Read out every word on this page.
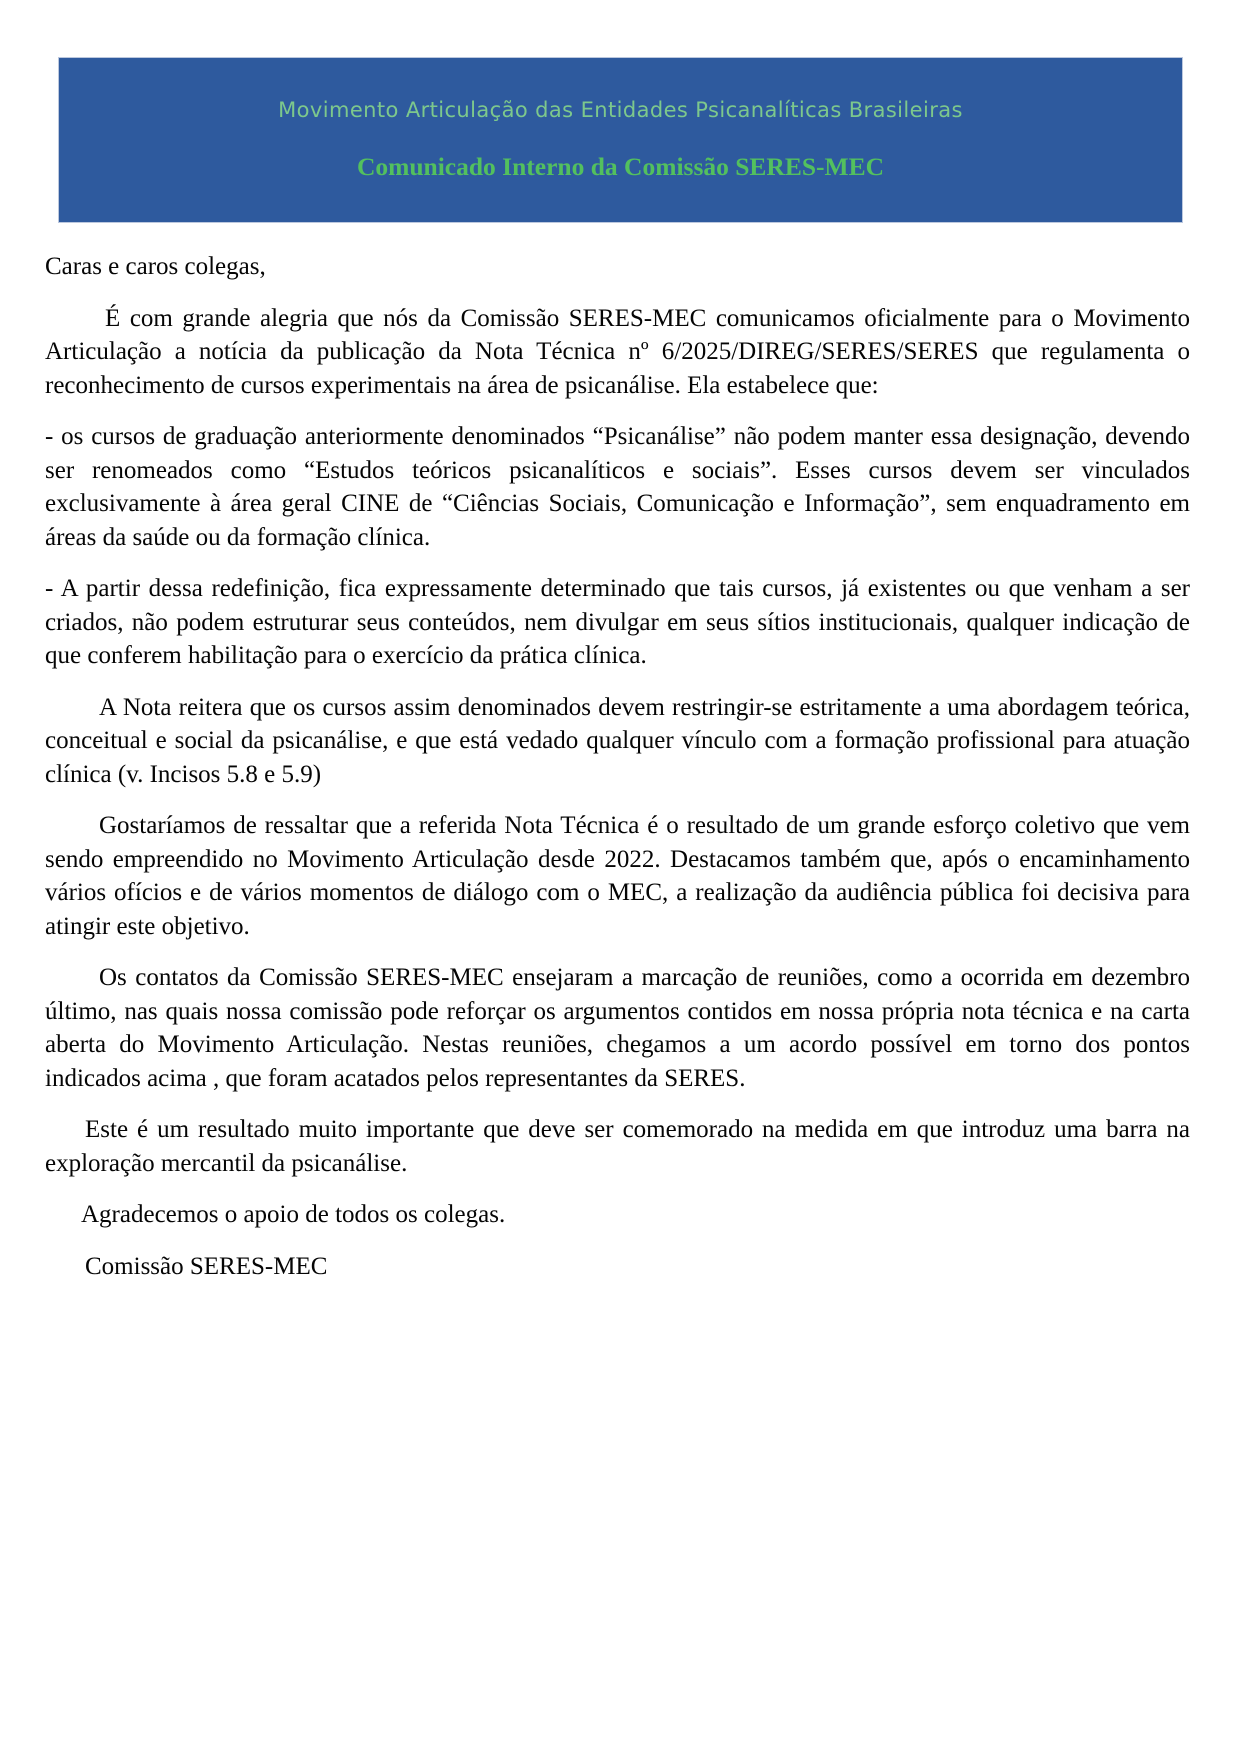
Movimento Articulação das Entidades Psicanalíticas Brasileiras
Comunicado Interno da Comissão SERES-MEC

Caras e caros colegas,

É com grande alegria que nós da Comissão SERES-MEC comunicamos oficialmente para o Movimento Articulação a notícia da publicação da Nota Técnica nº 6/2025/DIREG/SERES/SERES que regulamenta o reconhecimento de cursos experimentais na área de psicanálise. Ela estabelece que:

- os cursos de graduação anteriormente denominados “Psicanálise” não podem manter essa designação, devendo ser renomeados como “Estudos teóricos psicanalíticos e sociais”. Esses cursos devem ser vinculados exclusivamente à área geral CINE de “Ciências Sociais, Comunicação e Informação”, sem enquadramento em áreas da saúde ou da formação clínica.

- A partir dessa redefinição, fica expressamente determinado que tais cursos, já existentes ou que venham a ser criados, não podem estruturar seus conteúdos, nem divulgar em seus sítios institucionais, qualquer indicação de que conferem habilitação para o exercício da prática clínica.

A Nota reitera que os cursos assim denominados devem restringir-se estritamente a uma abordagem teórica, conceitual e social da psicanálise, e que está vedado qualquer vínculo com a formação profissional para atuação clínica (v. Incisos 5.8 e 5.9)

Gostaríamos de ressaltar que a referida Nota Técnica é o resultado de um grande esforço coletivo que vem sendo empreendido no Movimento Articulação desde 2022. Destacamos também que, após o encaminhamento vários ofícios e de vários momentos de diálogo com o MEC, a realização da audiência pública foi decisiva para atingir este objetivo.

Os contatos da Comissão SERES-MEC ensejaram a marcação de reuniões, como a ocorrida em dezembro último, nas quais nossa comissão pode reforçar os argumentos contidos em nossa própria nota técnica e na carta aberta do Movimento Articulação. Nestas reuniões, chegamos a um acordo possível em torno dos pontos indicados acima , que foram acatados pelos representantes da SERES.

Este é um resultado muito importante que deve ser comemorado na medida em que introduz uma barra na exploração mercantil da psicanálise.

Agradecemos o apoio de todos os colegas.

Comissão SERES-MEC
